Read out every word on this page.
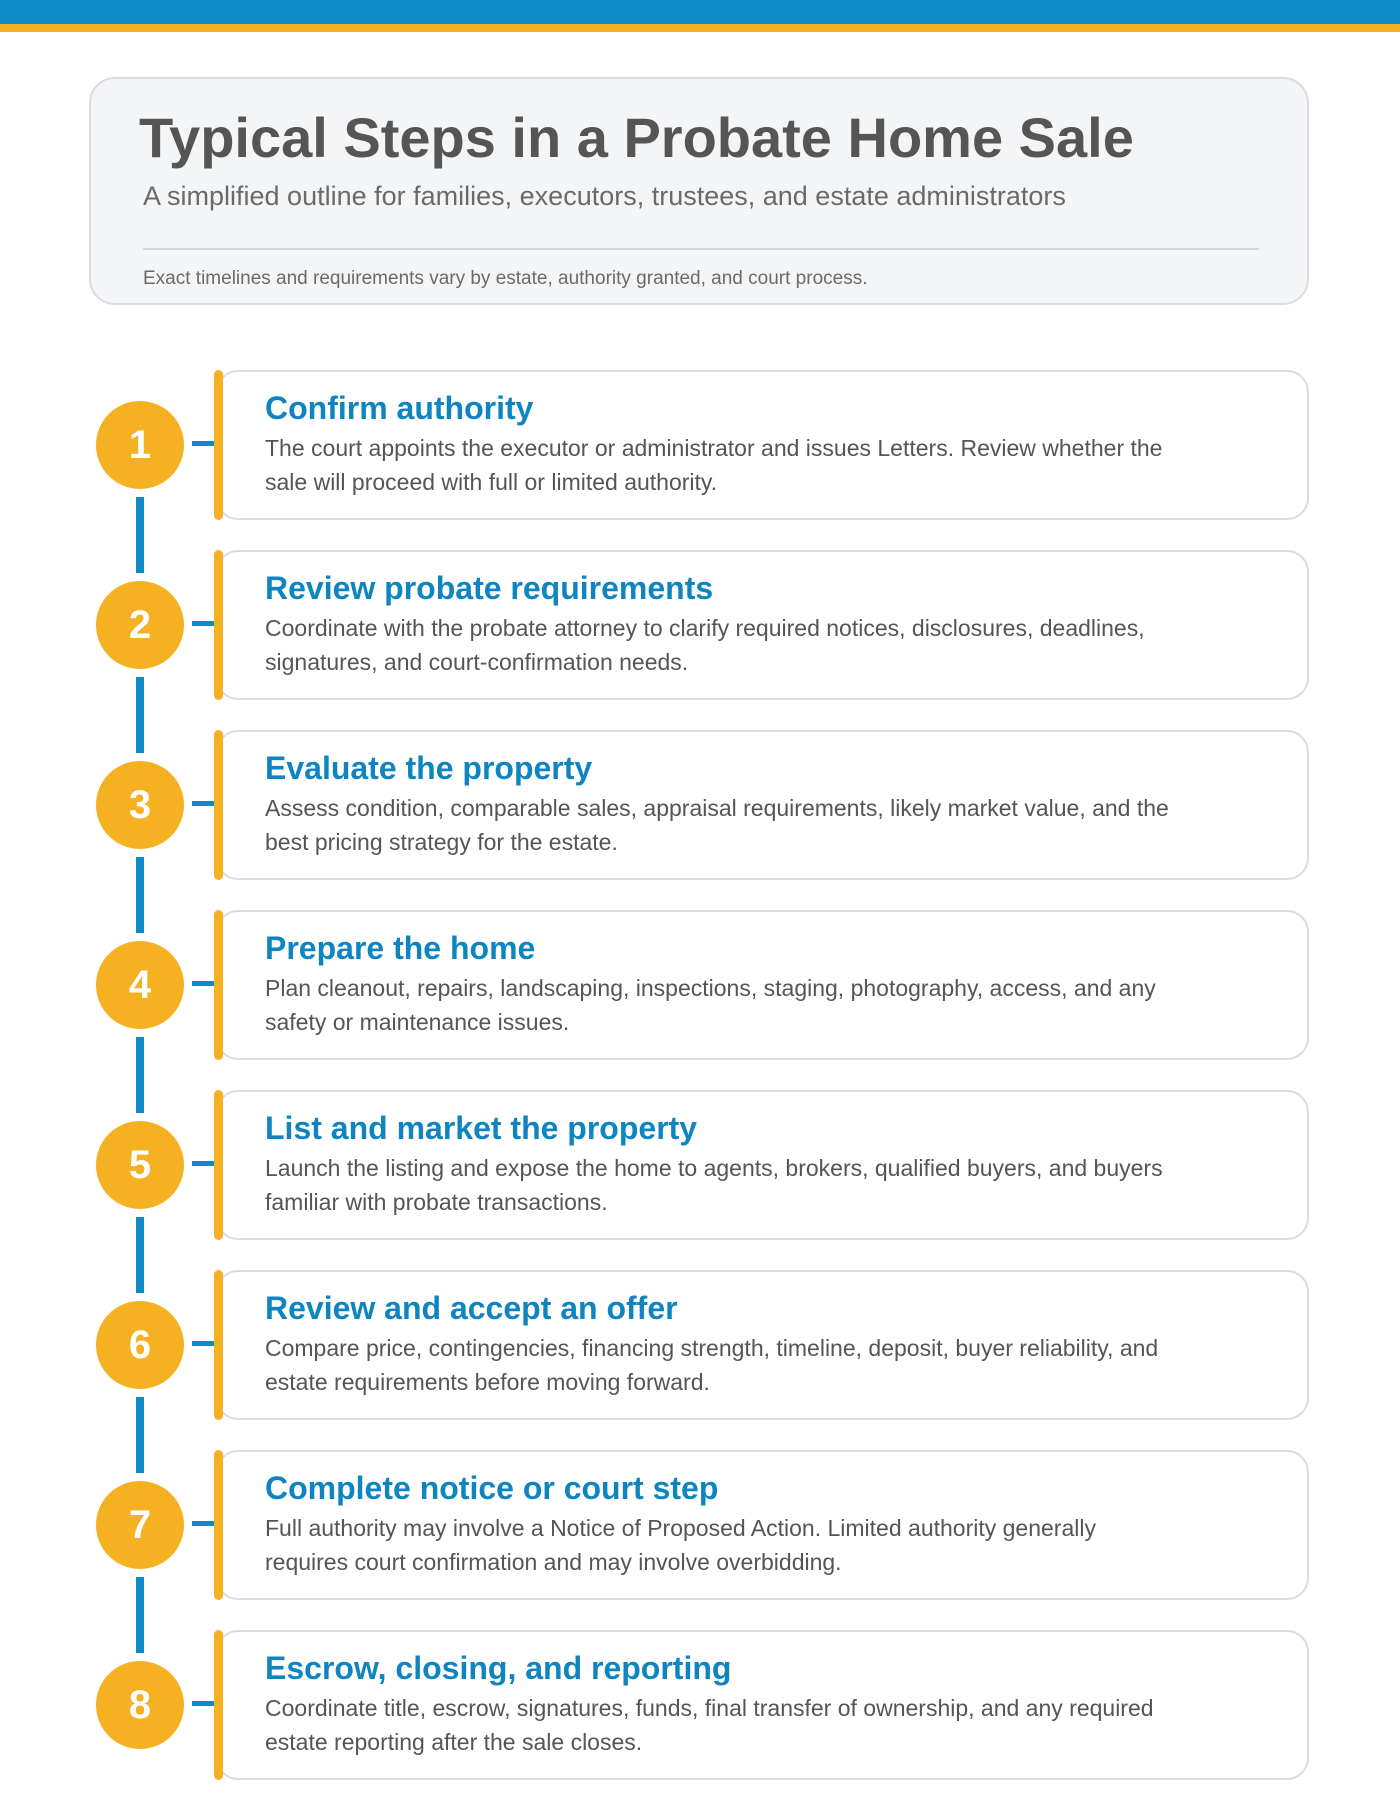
Typical Steps in a Probate Home Sale

A simplified outline for families, executors, trustees, and estate administrators

Exact timelines and requirements vary by estate, authority granted, and court process.

1
Confirm authority

The court appoints the executor or administrator and issues Letters. Review whether the sale will proceed with full or limited authority.

2
Review probate requirements

Coordinate with the probate attorney to clarify required notices, disclosures, deadlines, signatures, and court-confirmation needs.

3
Evaluate the property

Assess condition, comparable sales, appraisal requirements, likely market value, and the best pricing strategy for the estate.

4
Prepare the home

Plan cleanout, repairs, landscaping, inspections, staging, photography, access, and any safety or maintenance issues.

5
List and market the property

Launch the listing and expose the home to agents, brokers, qualified buyers, and buyers familiar with probate transactions.

6
Review and accept an offer

Compare price, contingencies, financing strength, timeline, deposit, buyer reliability, and estate requirements before moving forward.

7
Complete notice or court step

Full authority may involve a Notice of Proposed Action. Limited authority generally requires court confirmation and may involve overbidding.

8
Escrow, closing, and reporting

Coordinate title, escrow, signatures, funds, final transfer of ownership, and any required estate reporting after the sale closes.
